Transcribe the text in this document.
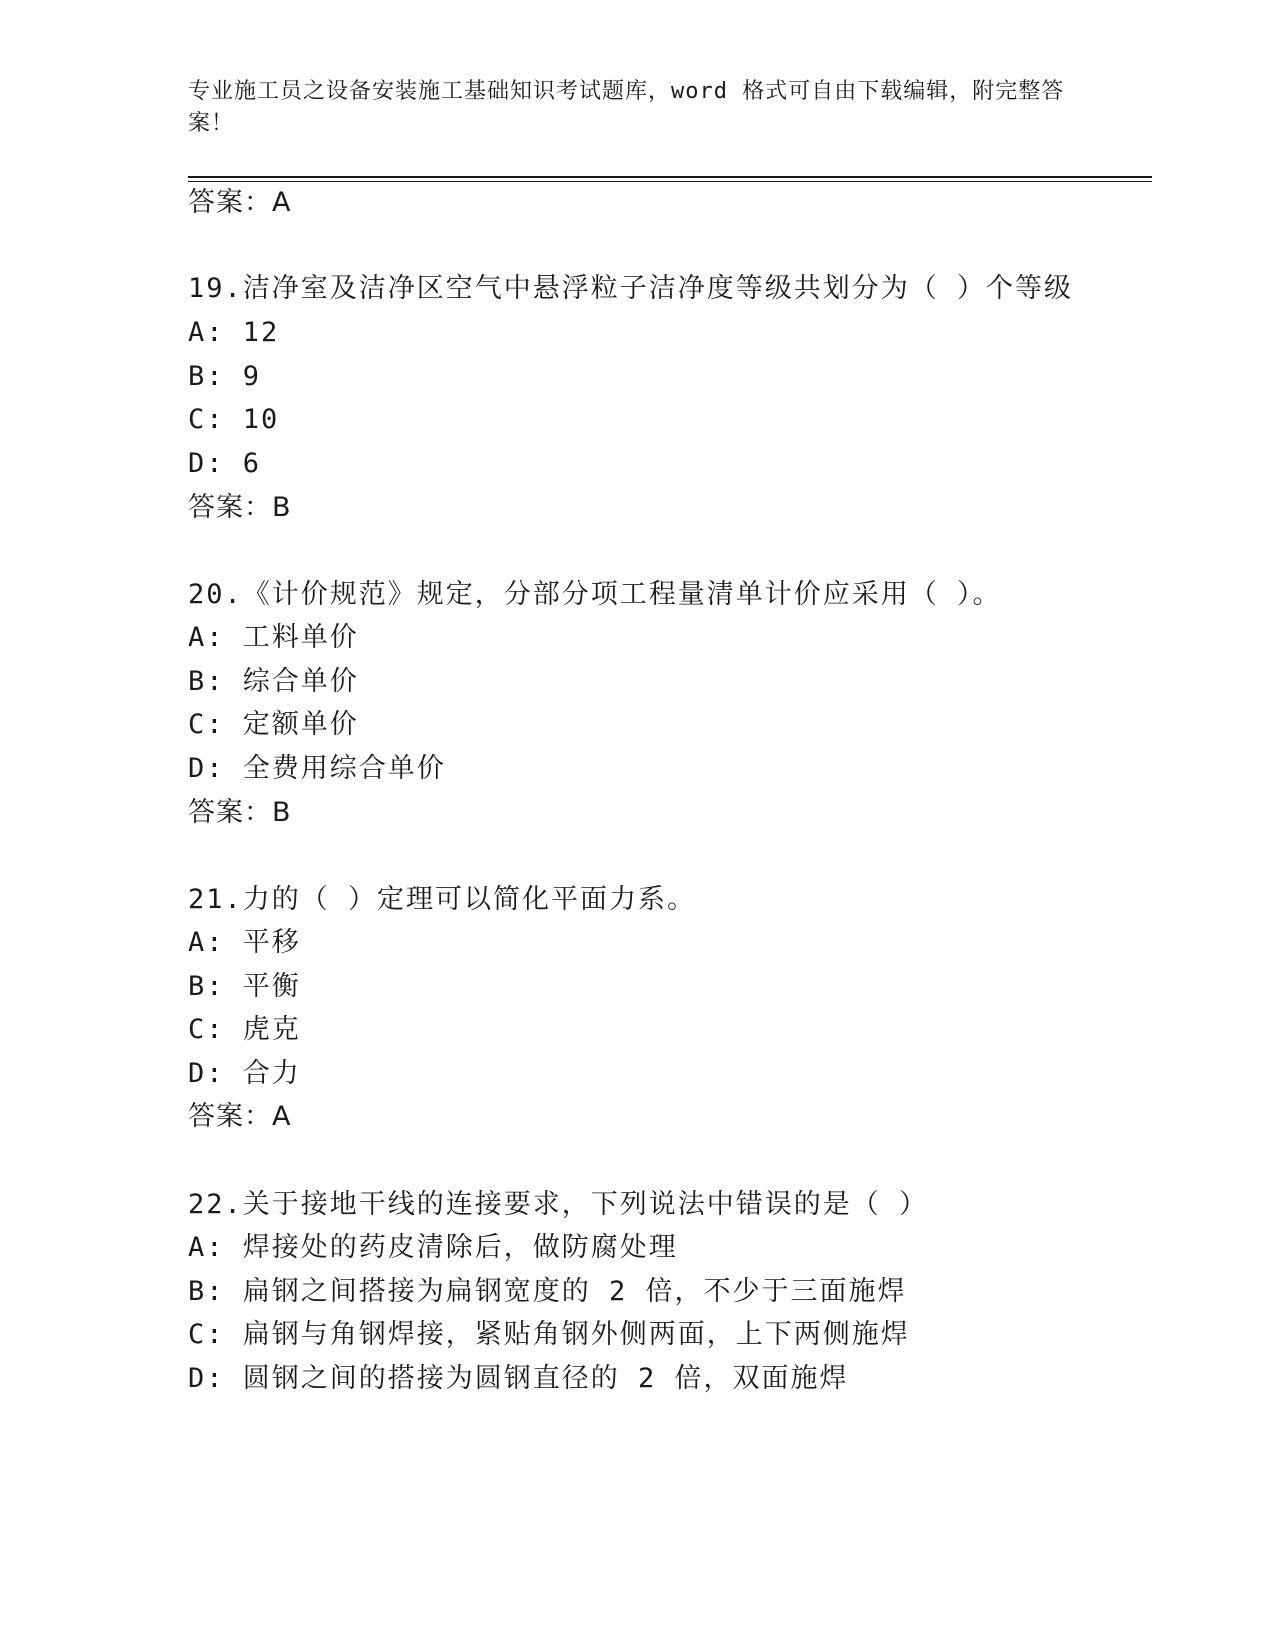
专业施工员之设备安装施工基础知识考试题库，word 格式可自由下载编辑，附完整答案！
答案：A
19.洁净室及洁净区空气中悬浮粒子洁净度等级共划分为（ ）个等级
A: 12
B: 9
C: 10
D: 6
答案：B
20.《计价规范》规定，分部分项工程量清单计价应采用（ ）。
A: 工料单价
B: 综合单价
C: 定额单价
D: 全费用综合单价
答案：B
21.力的（ ）定理可以简化平面力系。
A: 平移
B: 平衡
C: 虎克
D: 合力
答案：A
22.关于接地干线的连接要求，下列说法中错误的是（ ）
A: 焊接处的药皮清除后，做防腐处理
B: 扁钢之间搭接为扁钢宽度的 2 倍，不少于三面施焊
C: 扁钢与角钢焊接，紧贴角钢外侧两面，上下两侧施焊
D: 圆钢之间的搭接为圆钢直径的 2 倍，双面施焊
